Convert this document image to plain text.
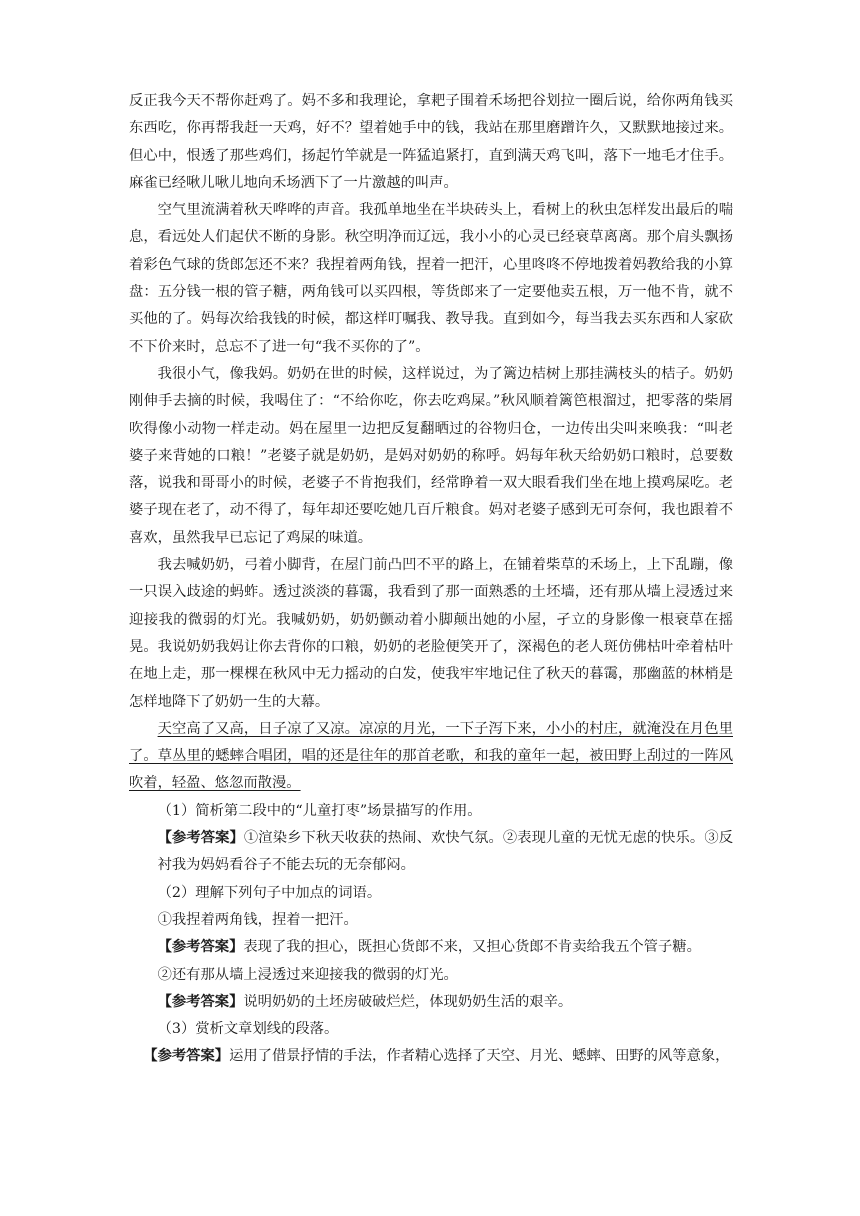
反正我今天不帮你赶鸡了。妈不多和我理论，拿耙子围着禾场把谷划拉一圈后说，给你两角钱买东西吃，你再帮我赶一天鸡，好不？望着她手中的钱，我站在那里磨蹭许久，又默默地接过来。但心中，恨透了那些鸡们，扬起竹竿就是一阵猛追紧打，直到满天鸡飞叫，落下一地毛才住手。麻雀已经啾儿啾儿地向禾场洒下了一片激越的叫声。

空气里流满着秋天哗哗的声音。我孤单地坐在半块砖头上，看树上的秋虫怎样发出最后的喘息，看远处人们起伏不断的身影。秋空明净而辽远，我小小的心灵已经衰草离离。那个肩头飘扬着彩色气球的货郎怎还不来？我捏着两角钱，捏着一把汗，心里咚咚不停地拨着妈教给我的小算盘：五分钱一根的管子糖，两角钱可以买四根，等货郎来了一定要他卖五根，万一他不肯，就不买他的了。妈每次给我钱的时候，都这样叮嘱我、教导我。直到如今，每当我去买东西和人家砍不下价来时，总忘不了进一句“我不买你的了”。

我很小气，像我妈。奶奶在世的时候，这样说过，为了篱边桔树上那挂满枝头的桔子。奶奶刚伸手去摘的时候，我喝住了：“不给你吃，你去吃鸡屎。”秋风顺着篱笆根溜过，把零落的柴屑吹得像小动物一样走动。妈在屋里一边把反复翻晒过的谷物归仓，一边传出尖叫来唤我：“叫老婆子来背她的口粮！”老婆子就是奶奶，是妈对奶奶的称呼。妈每年秋天给奶奶口粮时，总要数落，说我和哥哥小的时候，老婆子不肯抱我们，经常睁着一双大眼看我们坐在地上摸鸡屎吃。老婆子现在老了，动不得了，每年却还要吃她几百斤粮食。妈对老婆子感到无可奈何，我也跟着不喜欢，虽然我早已忘记了鸡屎的味道。

我去喊奶奶，弓着小脚背，在屋门前凸凹不平的路上，在铺着柴草的禾场上，上下乱蹦，像一只误入歧途的蚂蚱。透过淡淡的暮霭，我看到了那一面熟悉的土坯墙，还有那从墙上浸透过来迎接我的微弱的灯光。我喊奶奶，奶奶颤动着小脚颠出她的小屋，孑立的身影像一根衰草在摇晃。我说奶奶我妈让你去背你的口粮，奶奶的老脸便笑开了，深褐色的老人斑仿佛枯叶牵着枯叶在地上走，那一棵棵在秋风中无力摇动的白发，使我牢牢地记住了秋天的暮霭，那幽蓝的林梢是怎样地降下了奶奶一生的大幕。

天空高了又高，日子凉了又凉。凉凉的月光，一下子泻下来，小小的村庄，就淹没在月色里了。草丛里的蟋蟀合唱团，唱的还是往年的那首老歌，和我的童年一起，被田野上刮过的一阵风吹着，轻盈、悠忽而散漫。

（1）简析第二段中的“儿童打枣”场景描写的作用。

【参考答案】①渲染乡下秋天收获的热闹、欢快气氛。②表现儿童的无忧无虑的快乐。③反衬我为妈妈看谷子不能去玩的无奈郁闷。

（2）理解下列句子中加点的词语。

①我捏着两角钱，捏着一把汗。

【参考答案】表现了我的担心，既担心货郎不来，又担心货郎不肯卖给我五个管子糖。

②还有那从墙上浸透过来迎接我的微弱的灯光。

【参考答案】说明奶奶的土坯房破破烂烂，体现奶奶生活的艰辛。

（3）赏析文章划线的段落。

【参考答案】运用了借景抒情的手法，作者精心选择了天空、月光、蟋蟀、田野的风等意象，
